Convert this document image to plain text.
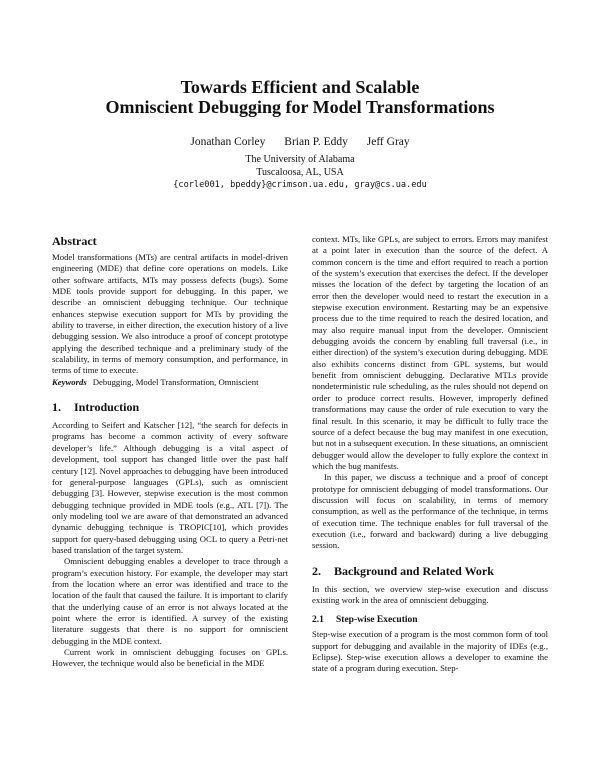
Towards Efficient and Scalable
Omniscient Debugging for Model Transformations
Jonathan Corley Brian P. Eddy Jeff Gray
The University of Alabama
Tuscaloosa, AL, USA
{corle001, bpeddy}@crimson.ua.edu, gray@cs.ua.edu
Abstract

Model transformations (MTs) are central artifacts in model-driven engineering (MDE) that define core operations on models. Like other software artifacts, MTs may possess defects (bugs). Some MDE tools provide support for debugging. In this paper, we describe an omniscient debugging technique. Our technique enhances stepwise execution support for MTs by providing the ability to traverse, in either direction, the execution history of a live debugging session. We also introduce a proof of concept prototype applying the described technique and a preliminary study of the scalability, in terms of memory consumption, and performance, in terms of time to execute.

Keywords Debugging, Model Transformation, Omniscient

1. Introduction

According to Seifert and Katscher [12], “the search for defects in programs has become a common activity of every software developer’s life.” Although debugging is a vital aspect of development, tool support has changed little over the past half century [12]. Novel approaches to debugging have been introduced for general-purpose languages (GPLs), such as omniscient debugging [3]. However, stepwise execution is the most common debugging technique provided in MDE tools (e.g., ATL [7]). The only modeling tool we are aware of that demonstrated an advanced dynamic debugging technique is TROPIC[10], which provides support for query-based debugging using OCL to query a Petri-net based translation of the target system.

Omniscient debugging enables a developer to trace through a program’s execution history. For example, the developer may start from the location where an error was identified and trace to the location of the fault that caused the failure. It is important to clarify that the underlying cause of an error is not always located at the point where the error is identified. A survey of the existing literature suggests that there is no support for omniscient debugging in the MDE context.

Current work in omniscient debugging focuses on GPLs. However, the technique would also be beneficial in the MDE

context. MTs, like GPLs, are subject to errors. Errors may manifest at a point later in execution than the source of the defect. A common concern is the time and effort required to reach a portion of the system’s execution that exercises the defect. If the developer misses the location of the defect by targeting the location of an error then the developer would need to restart the execution in a stepwise execution environment. Restarting may be an expensive process due to the time required to reach the desired location, and may also require manual input from the developer. Omniscient debugging avoids the concern by enabling full traversal (i.e., in either direction) of the system’s execution during debugging. MDE also exhibits concerns distinct from GPL systems, but would benefit from omniscient debugging. Declarative MTLs provide nondeterministic rule scheduling, as the rules should not depend on order to produce correct results. However, improperly defined transformations may cause the order of rule execution to vary the final result. In this scenario, it may be difficult to fully trace the source of a defect because the bug may manifest in one execution, but not in a subsequent execution. In these situations, an omniscient debugger would allow the developer to fully explore the context in which the bug manifests.

In this paper, we discuss a technique and a proof of concept prototype for omniscient debugging of model transformations. Our discussion will focus on scalability, in terms of memory consumption, as well as the performance of the technique, in terms of execution time. The technique enables for full traversal of the execution (i.e., forward and backward) during a live debugging session.

2. Background and Related Work

In this section, we overview step-wise execution and discuss existing work in the area of omniscient debugging.

2.1 Step-wise Execution

Step-wise execution of a program is the most common form of tool support for debugging and available in the majority of IDEs (e.g., Eclipse). Step-wise execution allows a developer to examine the state of a program during execution. Step-
